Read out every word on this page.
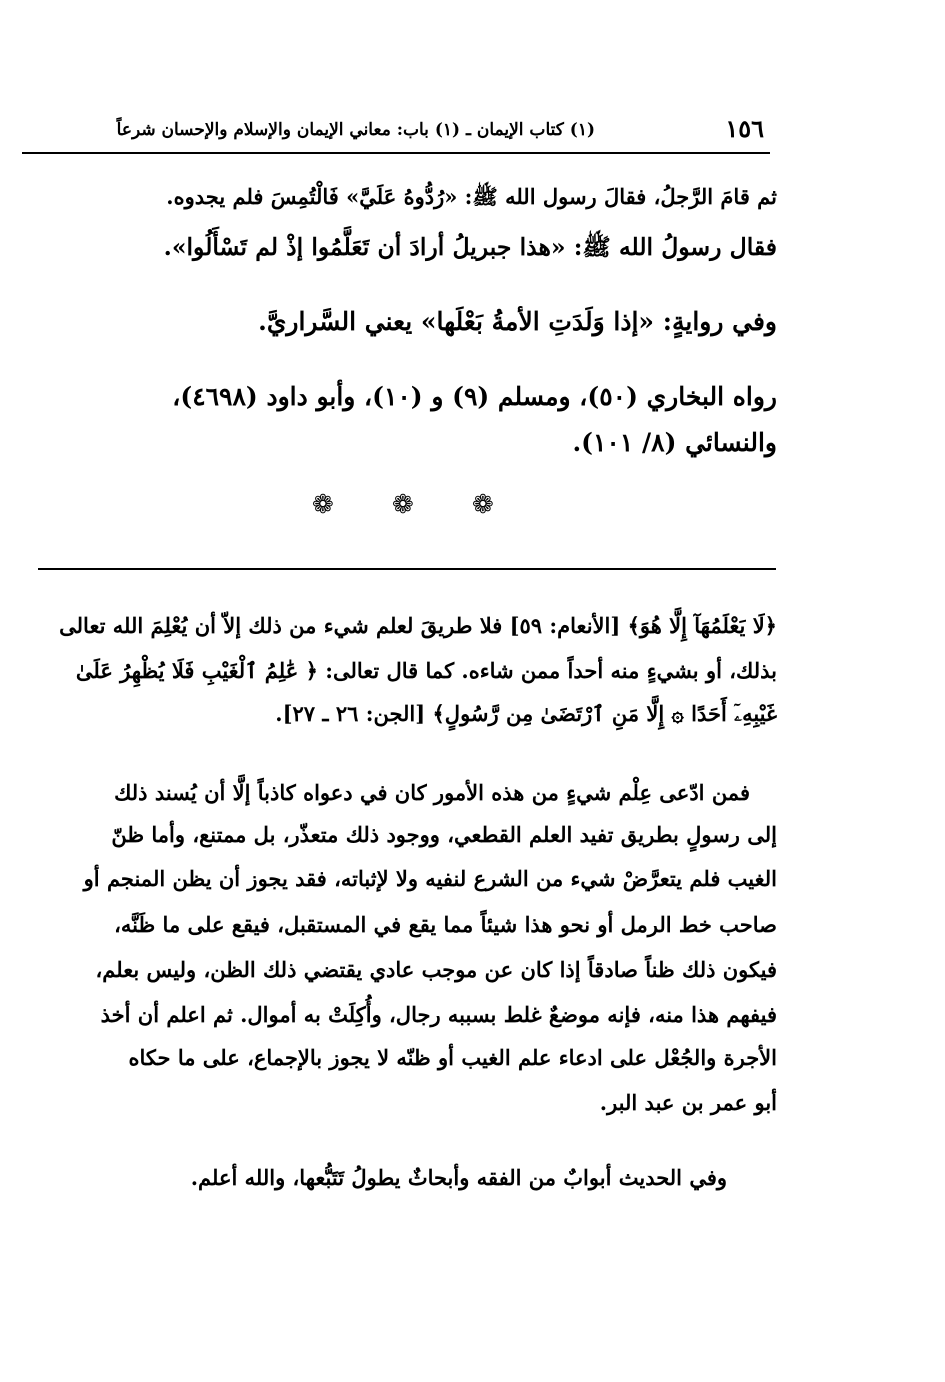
١٥٦
(١) كتاب الإيمان ـ (١) باب: معاني الإيمان والإسلام والإحسان شرعاً
ثم قامَ الرَّجلُ، فقالَ رسول الله ﷺ: «رُدُّوهُ عَلَيَّ» فَالْتُمِسَ فلم يجدوه.
فقال رسولُ الله ﷺ: «هذا جبريلُ أرادَ أن تَعَلَّمُوا إذْ لم تَسْأَلُوا».
وفي روايةٍ: «إذا وَلَدَتِ الأمةُ بَعْلَها» يعني السَّراريَّ.
رواه البخاري (٥٠)، ومسلم (٩) و (١٠)، وأبو داود (٤٦٩٨)،
والنسائي (٨/ ١٠١).
❁ ❁ ❁
﴿لَا يَعْلَمُهَآ إِلَّا هُوَ﴾ [الأنعام: ٥٩] فلا طريقَ لعلم شيء من ذلك إلاّ أن يُعْلِمَ الله تعالى
بذلك، أو بشيءٍ منه أحداً ممن شاءه. كما قال تعالى: ﴿ عَٰلِمُ ٱلْغَيْبِ فَلَا يُظْهِرُ عَلَىٰ
غَيْبِهِۦٓ أَحَدًا ۞ إِلَّا مَنِ ٱرْتَضَىٰ مِن رَّسُولٍ﴾ [الجن: ٢٦ ـ ٢٧].
فمن ادّعى عِلْم شيءٍ من هذه الأمور كان في دعواه كاذباً إلَّا أن يُسند ذلك
إلى رسولٍ بطريق تفيد العلم القطعي، ووجود ذلك متعذّر، بل ممتنع، وأما ظنّ
الغيب فلم يتعرَّضْ شيء من الشرع لنفيه ولا لإثباته، فقد يجوز أن يظن المنجم أو
صاحب خط الرمل أو نحو هذا شيئاً مما يقع في المستقبل، فيقع على ما ظَنَّه،
فيكون ذلك ظناً صادقاً إذا كان عن موجب عادي يقتضي ذلك الظن، وليس بعلم،
فيفهم هذا منه، فإنه موضعٌ غلط بسببه رجال، وأُكِلَتْ به أموال. ثم اعلم أن أخذ
الأجرة والجُعْل على ادعاء علم الغيب أو ظنّه لا يجوز بالإجماع، على ما حكاه
أبو عمر بن عبد البر.
وفي الحديث أبوابٌ من الفقه وأبحاثٌ يطولُ تَتَبُّعها، والله أعلم.
